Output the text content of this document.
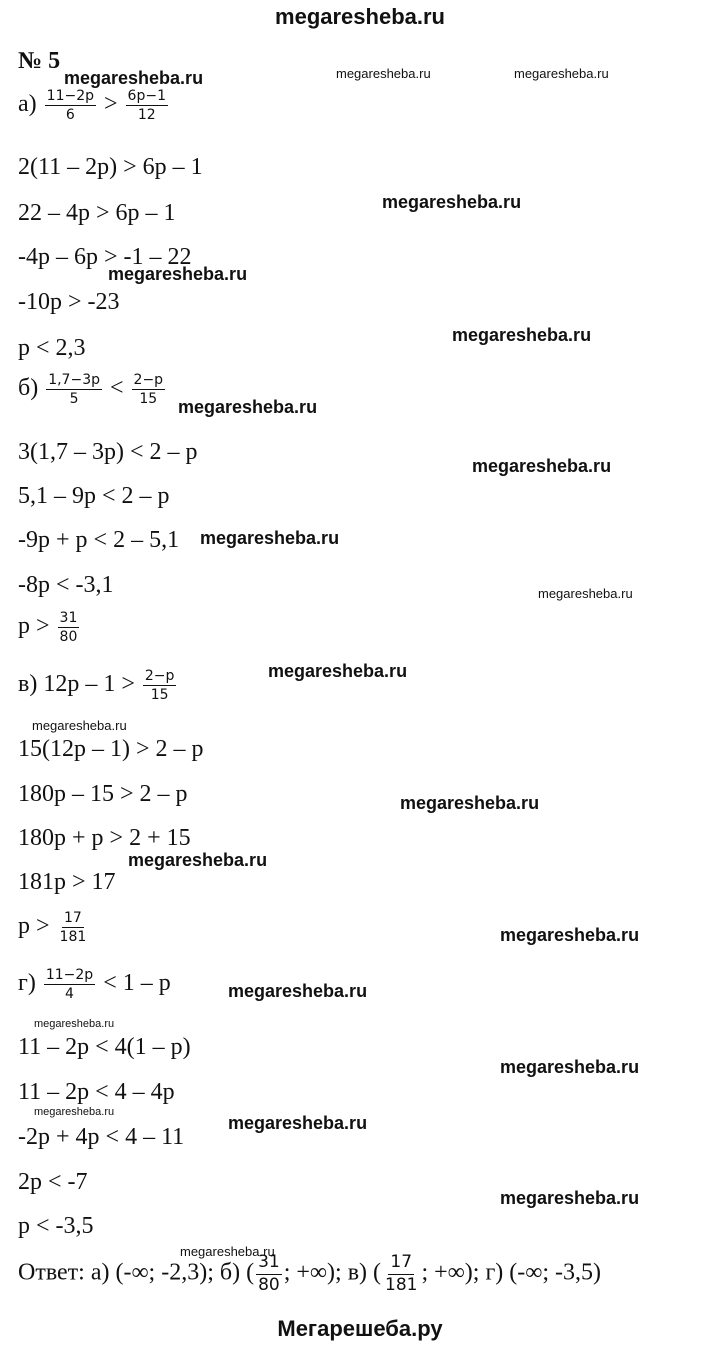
megaresheba.ru
№ 5
$а) \frac{11-2p}{6} > \frac{6p-1}{12}$
2(11 – 2p) > 6p – 1
22 – 4p > 6p – 1
-4p – 6p > -1 – 22
-10p > -23
p < 2,3
$б) \frac{1,7-3p}{5} < \frac{2-p}{15}$
3(1,7 – 3p) < 2 – p
5,1 – 9p < 2 – p
-9p + p < 2 – 5,1
-8p < -3,1
$p > \frac{31}{80}$
в) $12p - 1 > \frac{2-p}{15}$
15(12p – 1) > 2 – p
180p – 15 > 2 – p
180p + p > 2 + 15
181p > 17
$p > \frac{17}{181}$
$г) \frac{11-2p}{4} < 1 - p$
11 – 2p < 4(1 – p)
11 – 2p < 4 – 4p
-2p + 4p < 4 – 11
2p < -7
p < -3,5
Ответ: а) (-∞; -2,3); б) ( $\frac{31}{80}$ ; +∞); в) ( $\frac{17}{181}$ ; +∞); г) (-∞; -3,5)
Мегарешеба.ру
megaresheba.ru	megaresheba.ru	megaresheba.ru
megaresheba.ru
megaresheba.ru
megaresheba.ru
megaresheba.ru
megaresheba.ru
megaresheba.ru
megaresheba.ru
megaresheba.ru
megaresheba.ru
megaresheba.ru
megaresheba.ru
megaresheba.ru
megaresheba.ru
megaresheba.ru
megaresheba.ru
megaresheba.ru
megaresheba.ru
megaresheba.ru
megaresheba.ru
